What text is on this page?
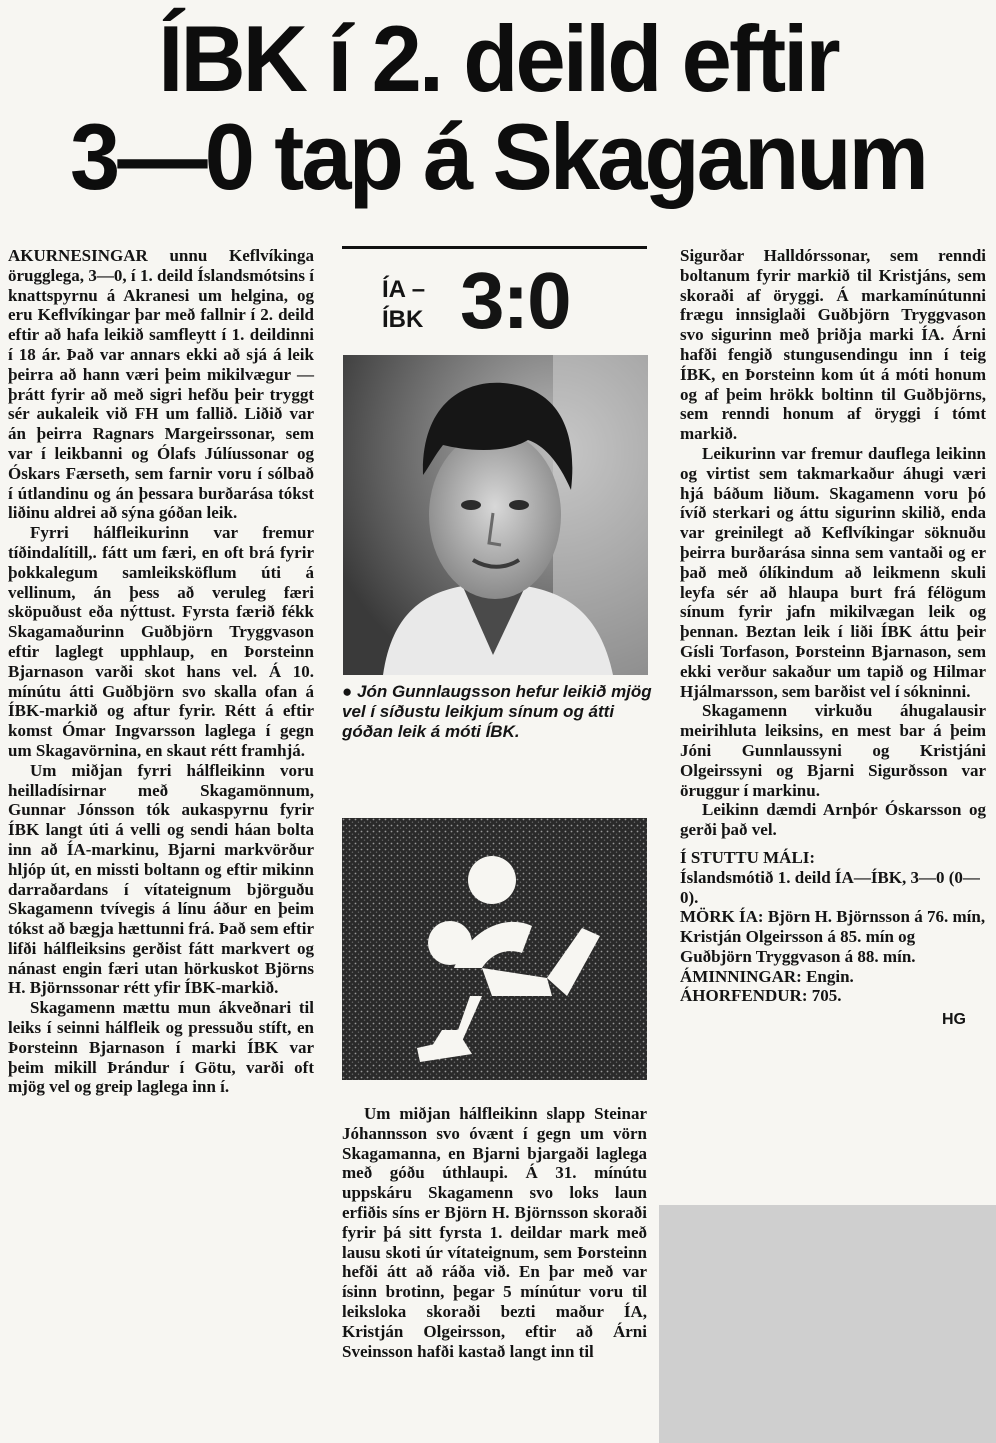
ÍBK í 2. deild eftir
3—0 tap á Skaganum

AKURNESINGAR unnu Keflvíkinga örugglega, 3—0, í 1. deild Íslandsmótsins í knattspyrnu á Akranesi um helgina, og eru Keflvíkingar þar með fallnir í 2. deild eftir að hafa leikið samfleytt í 1. deildinni í 18 ár. Það var annars ekki að sjá á leik þeirra að hann væri þeim mikilvægur — þrátt fyrir að með sigri hefðu þeir tryggt sér aukaleik við FH um fallið. Liðið var án þeirra Ragnars Margeirssonar, sem var í leikbanni og Ólafs Júlíussonar og Óskars Færseth, sem farnir voru í sólbað í útlandinu og án þessara burðarása tókst liðinu aldrei að sýna góðan leik.

Fyrri hálfleikurinn var fremur tíðindalítill,. fátt um færi, en oft brá fyrir þokkalegum samleiksköflum úti á vellinum, án þess að veruleg færi sköpuðust eða nýttust. Fyrsta færið fékk Skagamaðurinn Guðbjörn Tryggvason eftir laglegt upphlaup, en Þorsteinn Bjarnason varði skot hans vel. Á 10. mínútu átti Guðbjörn svo skalla ofan á ÍBK-markið og aftur fyrir. Rétt á eftir komst Ómar Ingvarsson laglega í gegn um Skagavörnina, en skaut rétt framhjá.

Um miðjan fyrri hálfleikinn voru heilladísirnar með Skagamönnum, Gunnar Jónsson tók aukaspyrnu fyrir ÍBK langt úti á velli og sendi háan bolta inn að ÍA-markinu, Bjarni markvörður hljóp út, en missti boltann og eftir mikinn darraðardans í vítateignum björguðu Skagamenn tvívegis á línu áður en þeim tókst að bægja hættunni frá. Það sem eftir lifði hálfleiksins gerðist fátt markvert og nánast engin færi utan hörkuskot Björns H. Björnssonar rétt yfir ÍBK-markið.

Skagamenn mættu mun ákveðnari til leiks í seinni hálfleik og pressuðu stíft, en Þorsteinn Bjarnason í marki ÍBK var þeim mikill Þrándur í Götu, varði oft mjög vel og greip laglega inn í.

ÍA –
ÍBK 3:0
● Jón Gunnlaugsson hefur leikið mjög vel í síðustu leikjum sínum og átti góðan leik á móti ÍBK.

Um miðjan hálfleikinn slapp Steinar Jóhannsson svo óvænt í gegn um vörn Skagamanna, en Bjarni bjargaði laglega með góðu úthlaupi. Á 31. mínútu uppskáru Skagamenn svo loks laun erfiðis síns er Björn H. Björnsson skoraði fyrir þá sitt fyrsta 1. deildar mark með lausu skoti úr vítateignum, sem Þorsteinn hefði átt að ráða við. En þar með var ísinn brotinn, þegar 5 mínútur voru til leiksloka skoraði bezti maður ÍA, Kristján Olgeirsson, eftir að Árni Sveinsson hafði kastað langt inn til

Sigurðar Halldórssonar, sem renndi boltanum fyrir markið til Kristjáns, sem skoraði af öryggi. Á markamínútunni frægu innsiglaði Guðbjörn Tryggvason svo sigurinn með þriðja marki ÍA. Árni hafði fengið stungusendingu inn í teig ÍBK, en Þorsteinn kom út á móti honum og af þeim hrökk boltinn til Guðbjörns, sem renndi honum af öryggi í tómt markið.

Leikurinn var fremur dauflega leikinn og virtist sem takmarkaður áhugi væri hjá báðum liðum. Skagamenn voru þó ívíð sterkari og áttu sigurinn skilið, enda var greinilegt að Keflvíkingar söknuðu þeirra burðarása sinna sem vantaði og er það með ólíkindum að leikmenn skuli leyfa sér að hlaupa burt frá félögum sínum fyrir jafn mikilvægan leik og þennan. Beztan leik í liði ÍBK áttu þeir Gísli Torfason, Þorsteinn Bjarnason, sem ekki verður sakaður um tapið og Hilmar Hjálmarsson, sem barðist vel í sókninni.

Skagamenn virkuðu áhugalausir meirihluta leiksins, en mest bar á þeim Jóni Gunnlaussyni og Kristjáni Olgeirssyni og Bjarni Sigurðsson var öruggur í markinu.

Leikinn dæmdi Arnþór Óskarsson og gerði það vel.

Í STUTTU MÁLI:
Íslandsmótið 1. deild ÍA—ÍBK, 3—0 (0—0).
MÖRK ÍA: Björn H. Björnsson á 76. mín, Kristján Olgeirsson á 85. mín og Guðbjörn Tryggvason á 88. mín.
ÁMINNINGAR: Engin.
ÁHORFENDUR: 705.
HG
